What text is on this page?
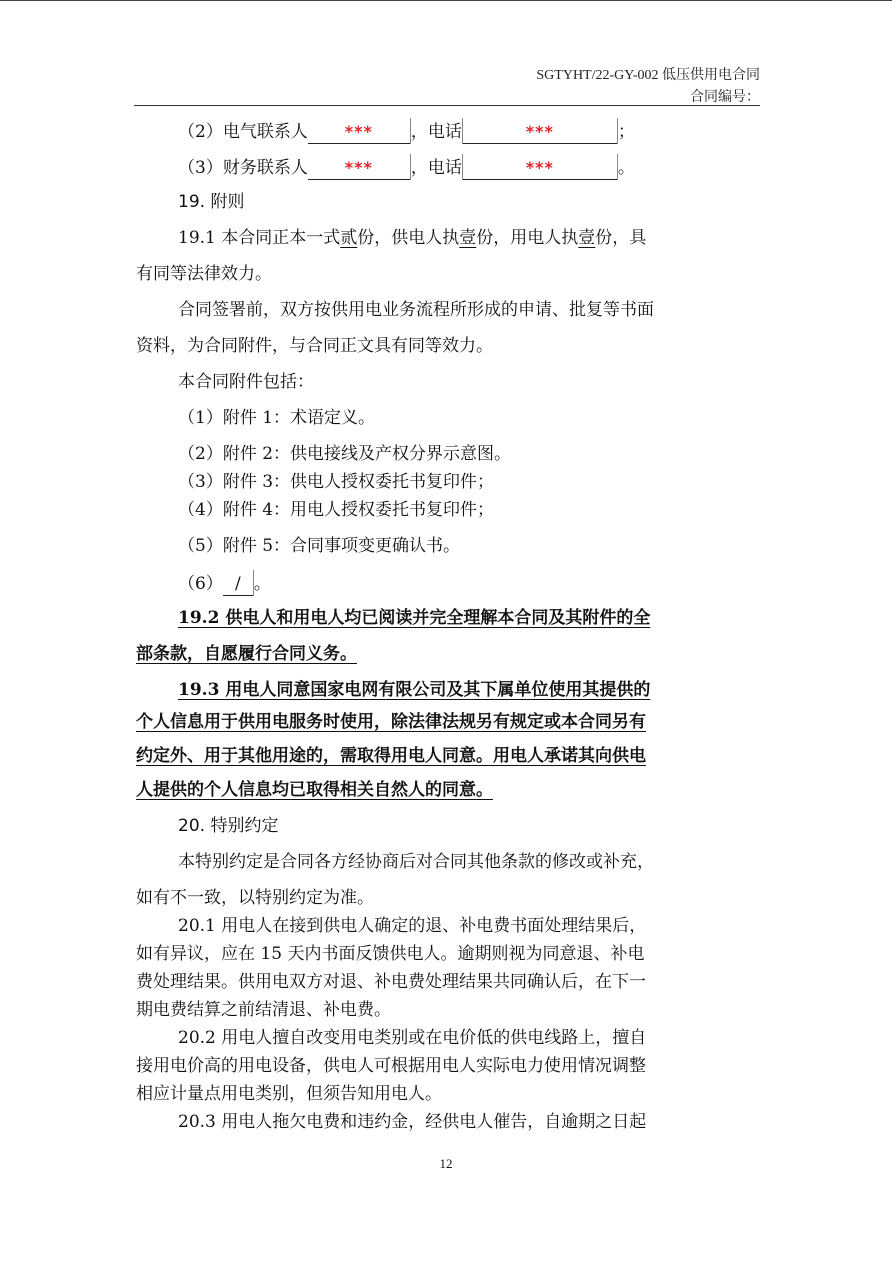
SGTYHT/22-GY-002 低压供用电合同
合同编号：
（2）电气联系人 *** ，电话	***	；
（3）财务联系人 *** ，电话	***	。
19. 附则
19.1 本合同正本一式贰份，供电人执壹份，用电人执壹份，具
有同等法律效力。
合同签署前，双方按供用电业务流程所形成的申请、批复等书面
资料，为合同附件，与合同正文具有同等效力。
本合同附件包括：
（1）附件 1：术语定义。
（2）附件 2：供电接线及产权分界示意图。
（3）附件 3：供电人授权委托书复印件；
（4）附件 4：用电人授权委托书复印件；
（5）附件 5：合同事项变更确认书。
（6） / 。
19.2 供电人和用电人均已阅读并完全理解本合同及其附件的全
部条款，自愿履行合同义务。
19.3 用电人同意国家电网有限公司及其下属单位使用其提供的
个人信息用于供用电服务时使用，除法律法规另有规定或本合同另有
约定外、用于其他用途的，需取得用电人同意。用电人承诺其向供电
人提供的个人信息均已取得相关自然人的同意。
20. 特别约定
本特别约定是合同各方经协商后对合同其他条款的修改或补充，
如有不一致，以特别约定为准。
20.1 用电人在接到供电人确定的退、补电费书面处理结果后，
如有异议，应在 15 天内书面反馈供电人。逾期则视为同意退、补电
费处理结果。供用电双方对退、补电费处理结果共同确认后，在下一
期电费结算之前结清退、补电费。
20.2 用电人擅自改变用电类别或在电价低的供电线路上，擅自
接用电价高的用电设备，供电人可根据用电人实际电力使用情况调整
相应计量点用电类别，但须告知用电人。
20.3 用电人拖欠电费和违约金，经供电人催告，自逾期之日起
12
